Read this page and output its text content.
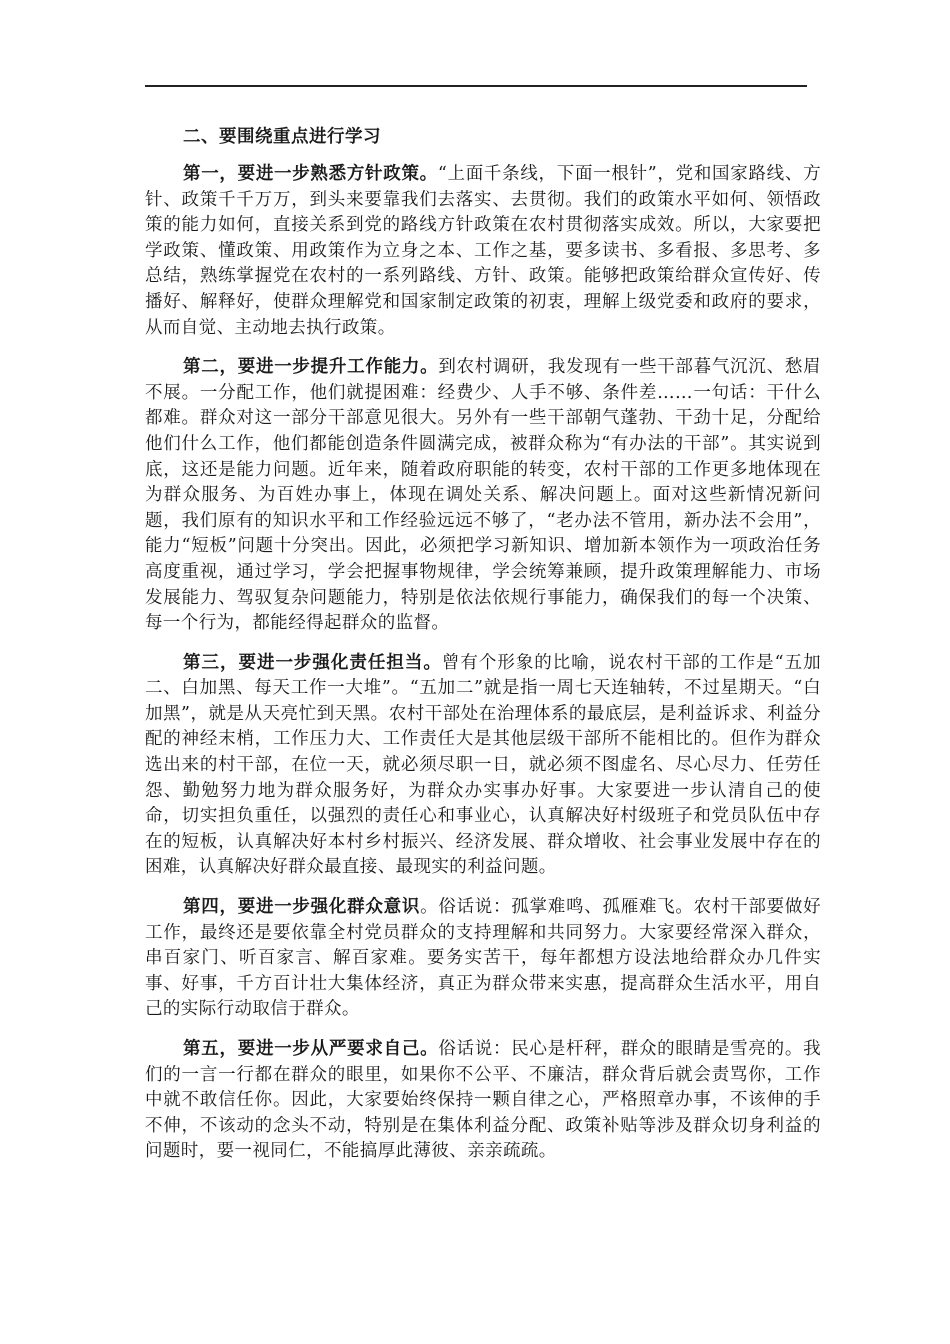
二、要围绕重点进行学习

第一，要进一步熟悉方针政策。“上面千条线，下面一根针”，党和国家路线、方针、政策千千万万，到头来要靠我们去落实、去贯彻。我们的政策水平如何、领悟政策的能力如何，直接关系到党的路线方针政策在农村贯彻落实成效。所以，大家要把学政策、懂政策、用政策作为立身之本、工作之基，要多读书、多看报、多思考、多总结，熟练掌握党在农村的一系列路线、方针、政策。能够把政策给群众宣传好、传播好、解释好，使群众理解党和国家制定政策的初衷，理解上级党委和政府的要求，从而自觉、主动地去执行政策。

第二，要进一步提升工作能力。到农村调研，我发现有一些干部暮气沉沉、愁眉不展。一分配工作，他们就提困难：经费少、人手不够、条件差……一句话：干什么都难。群众对这一部分干部意见很大。另外有一些干部朝气蓬勃、干劲十足，分配给他们什么工作，他们都能创造条件圆满完成，被群众称为“有办法的干部”。其实说到底，这还是能力问题。近年来，随着政府职能的转变，农村干部的工作更多地体现在为群众服务、为百姓办事上，体现在调处关系、解决问题上。面对这些新情况新问题，我们原有的知识水平和工作经验远远不够了，“老办法不管用，新办法不会用”，能力“短板”问题十分突出。因此，必须把学习新知识、增加新本领作为一项政治任务高度重视，通过学习，学会把握事物规律，学会统筹兼顾，提升政策理解能力、市场发展能力、驾驭复杂问题能力，特别是依法依规行事能力，确保我们的每一个决策、每一个行为，都能经得起群众的监督。

第三，要进一步强化责任担当。曾有个形象的比喻，说农村干部的工作是“五加二、白加黑、每天工作一大堆”。“五加二”就是指一周七天连轴转，不过星期天。“白加黑”，就是从天亮忙到天黑。农村干部处在治理体系的最底层，是利益诉求、利益分配的神经末梢，工作压力大、工作责任大是其他层级干部所不能相比的。但作为群众选出来的村干部，在位一天，就必须尽职一日，就必须不图虚名、尽心尽力、任劳任怨、勤勉努力地为群众服务好，为群众办实事办好事。大家要进一步认清自己的使命，切实担负重任，以强烈的责任心和事业心，认真解决好村级班子和党员队伍中存在的短板，认真解决好本村乡村振兴、经济发展、群众增收、社会事业发展中存在的困难，认真解决好群众最直接、最现实的利益问题。

第四，要进一步强化群众意识。俗话说：孤掌难鸣、孤雁难飞。农村干部要做好工作，最终还是要依靠全村党员群众的支持理解和共同努力。大家要经常深入群众，串百家门、听百家言、解百家难。要务实苦干，每年都想方设法地给群众办几件实事、好事，千方百计壮大集体经济，真正为群众带来实惠，提高群众生活水平，用自己的实际行动取信于群众。

第五，要进一步从严要求自己。俗话说：民心是杆秤，群众的眼睛是雪亮的。我们的一言一行都在群众的眼里，如果你不公平、不廉洁，群众背后就会责骂你，工作中就不敢信任你。因此，大家要始终保持一颗自律之心，严格照章办事，不该伸的手不伸，不该动的念头不动，特别是在集体利益分配、政策补贴等涉及群众切身利益的问题时，要一视同仁，不能搞厚此薄彼、亲亲疏疏。
